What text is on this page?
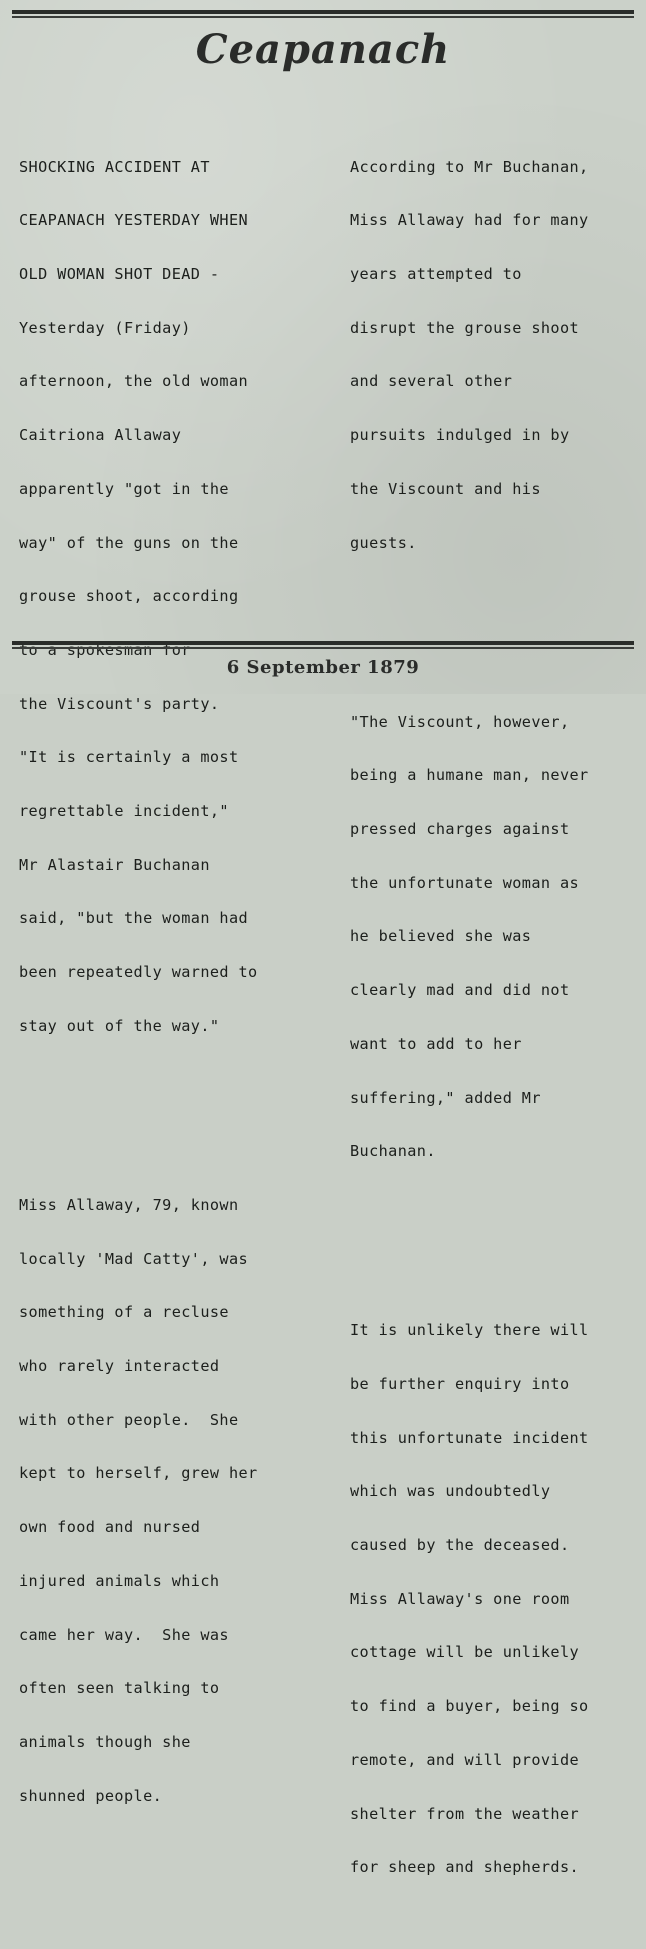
Ceapanach

SHOCKING ACCIDENT AT

CEAPANACH YESTERDAY WHEN

OLD WOMAN SHOT DEAD -

Yesterday (Friday)

afternoon, the old woman

Caitriona Allaway

apparently "got in the

way" of the guns on the

grouse shoot, according

to a spokesman for

the Viscount's party.

"It is certainly a most

regrettable incident,"

Mr Alastair Buchanan

said, "but the woman had

been repeatedly warned to

stay out of the way."

Miss Allaway, 79, known

locally 'Mad Catty', was

something of a recluse

who rarely interacted

with other people.  She

kept to herself, grew her

own food and nursed

injured animals which

came her way.  She was

often seen talking to

animals though she

shunned people.

According to Mr Buchanan,

Miss Allaway had for many

years attempted to

disrupt the grouse shoot

and several other

pursuits indulged in by

the Viscount and his

guests.

"The Viscount, however,

being a humane man, never

pressed charges against

the unfortunate woman as

he believed she was

clearly mad and did not

want to add to her

suffering," added Mr

Buchanan.

It is unlikely there will

be further enquiry into

this unfortunate incident

which was undoubtedly

caused by the deceased.

Miss Allaway's one room

cottage will be unlikely

to find a buyer, being so

remote, and will provide

shelter from the weather

for sheep and shepherds.

6 September 1879
